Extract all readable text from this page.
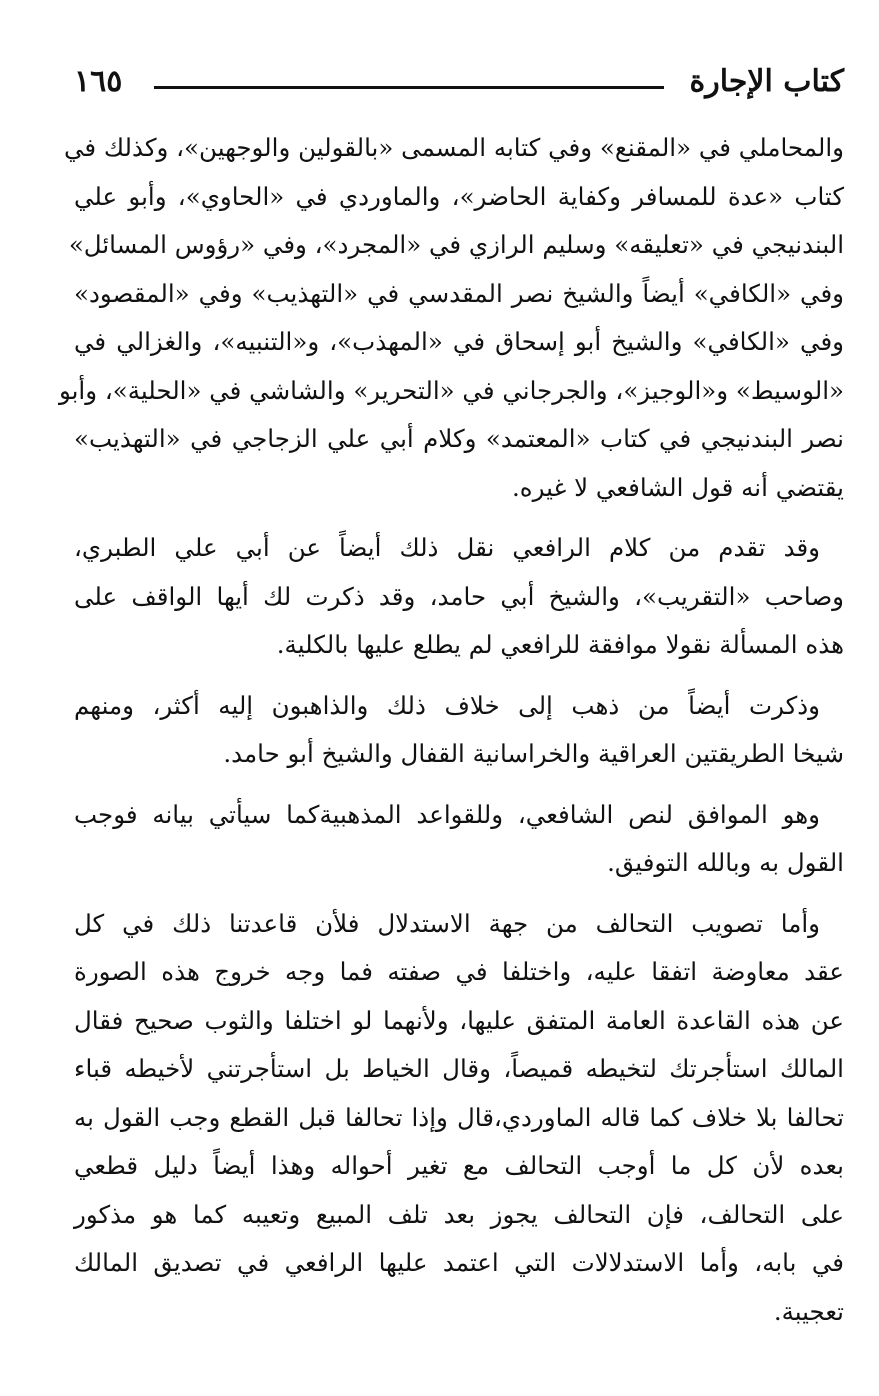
كتاب الإجارة
١٦٥

والمحاملي في «المقنع» وفي كتابه المسمى «بالقولين والوجهين»، وكذلك في
كتاب «عدة للمسافر وكفاية الحاضر»، والماوردي في «الحاوي»، وأبو علي
البندنيجي في «تعليقه» وسليم الرازي في «المجرد»، وفي «رؤوس المسائل»
وفي «الكافي» أيضاً والشيخ نصر المقدسي في «التهذيب» وفي «المقصود»
وفي «الكافي» والشيخ أبو إسحاق في «المهذب»، و«التنبيه»، والغزالي في
«الوسيط» و«الوجيز»، والجرجاني في «التحرير» والشاشي في «الحلية»، وأبو
نصر البندنيجي في كتاب «المعتمد» وكلام أبي علي الزجاجي في «التهذيب»
يقتضي أنه قول الشافعي لا غيره.

وقد تقدم من كلام الرافعي نقل ذلك أيضاً عن أبي علي الطبري،
وصاحب «التقريب»، والشيخ أبي حامد، وقد ذكرت لك أيها الواقف على
هذه المسألة نقولا موافقة للرافعي لم يطلع عليها بالكلية.

وذكرت أيضاً من ذهب إلى خلاف ذلك والذاهبون إليه أكثر، ومنهم
شيخا الطريقتين العراقية والخراسانية القفال والشيخ أبو حامد.

وهو الموافق لنص الشافعي، وللقواعد المذهبيةكما سيأتي بيانه فوجب
القول به وبالله التوفيق.

وأما تصويب التحالف من جهة الاستدلال فلأن قاعدتنا ذلك في كل
عقد معاوضة اتفقا عليه، واختلفا في صفته فما وجه خروج هذه الصورة
عن هذه القاعدة العامة المتفق عليها، ولأنهما لو اختلفا والثوب صحيح فقال
المالك استأجرتك لتخيطه قميصاً، وقال الخياط بل استأجرتني لأخيطه قباء
تحالفا بلا خلاف كما قاله الماوردي،قال وإذا تحالفا قبل القطع وجب القول به
بعده لأن كل ما أوجب التحالف مع تغير أحواله وهذا أيضاً دليل قطعي
على التحالف، فإن التحالف يجوز بعد تلف المبيع وتعيبه كما هو مذكور
في بابه، وأما الاستدلالات التي اعتمد عليها الرافعي في تصديق المالك
تعجيبة.
